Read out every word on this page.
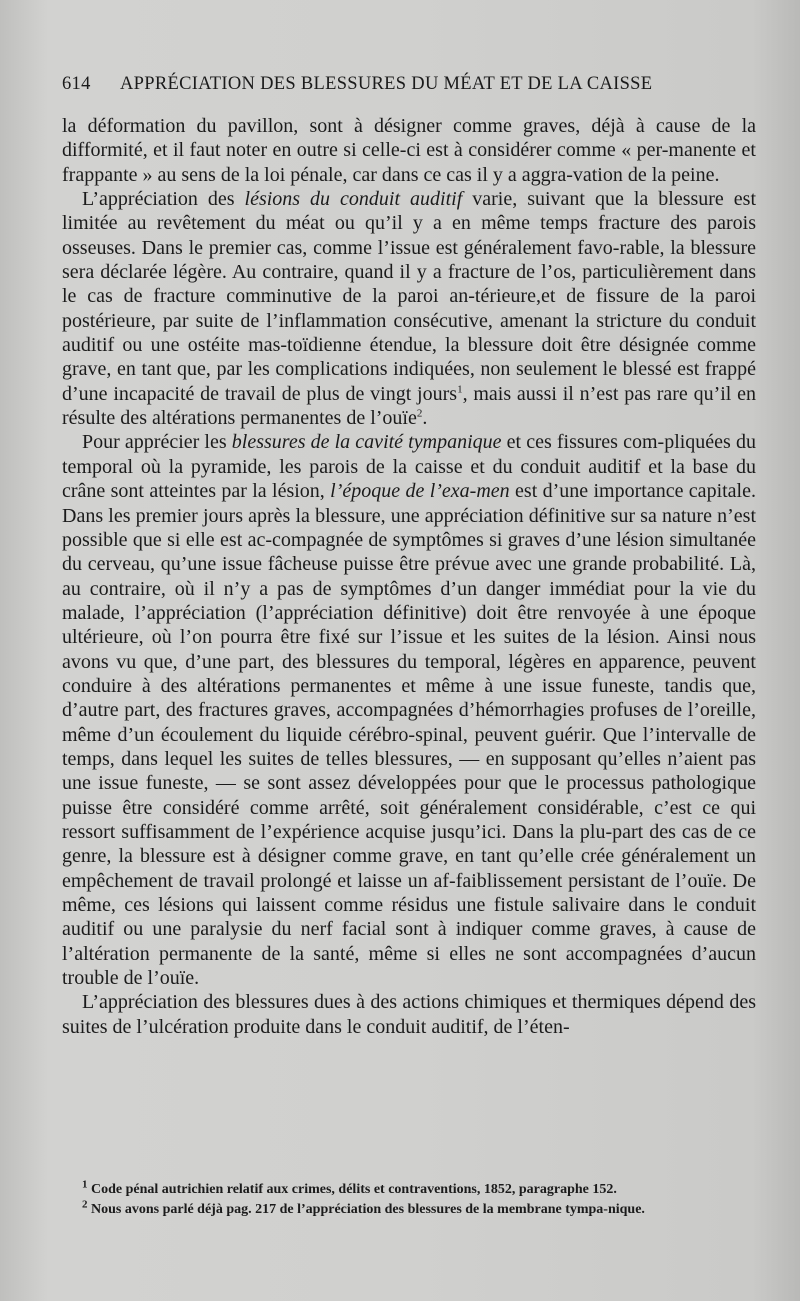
614 APPRÉCIATION DES BLESSURES DU MÉAT ET DE LA CAISSE

la déformation du pavillon, sont à désigner comme graves, déjà à cause de la difformité, et il faut noter en outre si celle-ci est à considérer comme « per-manente et frappante » au sens de la loi pénale, car dans ce cas il y a aggra-vation de la peine.

L’appréciation des lésions du conduit auditif varie, suivant que la blessure est limitée au revêtement du méat ou qu’il y a en même temps fracture des parois osseuses. Dans le premier cas, comme l’issue est généralement favo-rable, la blessure sera déclarée légère. Au contraire, quand il y a fracture de l’os, particulièrement dans le cas de fracture comminutive de la paroi an-térieure,et de fissure de la paroi postérieure, par suite de l’inflammation consécutive, amenant la stricture du conduit auditif ou une ostéite mas-toïdienne étendue, la blessure doit être désignée comme grave, en tant que, par les complications indiquées, non seulement le blessé est frappé d’une incapacité de travail de plus de vingt jours$^1$, mais aussi il n’est pas rare qu’il en résulte des altérations permanentes de l’ouïe$^2$.

Pour apprécier les blessures de la cavité tympanique et ces fissures com-pliquées du temporal où la pyramide, les parois de la caisse et du conduit auditif et la base du crâne sont atteintes par la lésion, l’époque de l’exa-men est d’une importance capitale. Dans les premier jours après la blessure, une appréciation définitive sur sa nature n’est possible que si elle est ac-compagnée de symptômes si graves d’une lésion simultanée du cerveau, qu’une issue fâcheuse puisse être prévue avec une grande probabilité. Là, au contraire, où il n’y a pas de symptômes d’un danger immédiat pour la vie du malade, l’appréciation (l’appréciation définitive) doit être renvoyée à une époque ultérieure, où l’on pourra être fixé sur l’issue et les suites de la lésion. Ainsi nous avons vu que, d’une part, des blessures du temporal, légères en apparence, peuvent conduire à des altérations permanentes et même à une issue funeste, tandis que, d’autre part, des fractures graves, accompagnées d’hémorrhagies profuses de l’oreille, même d’un écoulement du liquide cérébro-spinal, peuvent guérir. Que l’intervalle de temps, dans lequel les suites de telles blessures, — en supposant qu’elles n’aient pas une issue funeste, — se sont assez développées pour que le processus pathologique puisse être considéré comme arrêté, soit généralement considérable, c’est ce qui ressort suffisamment de l’expérience acquise jusqu’ici. Dans la plu-part des cas de ce genre, la blessure est à désigner comme grave, en tant qu’elle crée généralement un empêchement de travail prolongé et laisse un af-faiblissement persistant de l’ouïe. De même, ces lésions qui laissent comme résidus une fistule salivaire dans le conduit auditif ou une paralysie du nerf facial sont à indiquer comme graves, à cause de l’altération permanente de la santé, même si elles ne sont accompagnées d’aucun trouble de l’ouïe.

L’appréciation des blessures dues à des actions chimiques et thermiques dépend des suites de l’ulcération produite dans le conduit auditif, de l’éten-

$^1$ Code pénal autrichien relatif aux crimes, délits et contraventions, 1852, paragraphe 152.

$^2$ Nous avons parlé déjà pag. 217 de l’appréciation des blessures de la membrane tympa-nique.
